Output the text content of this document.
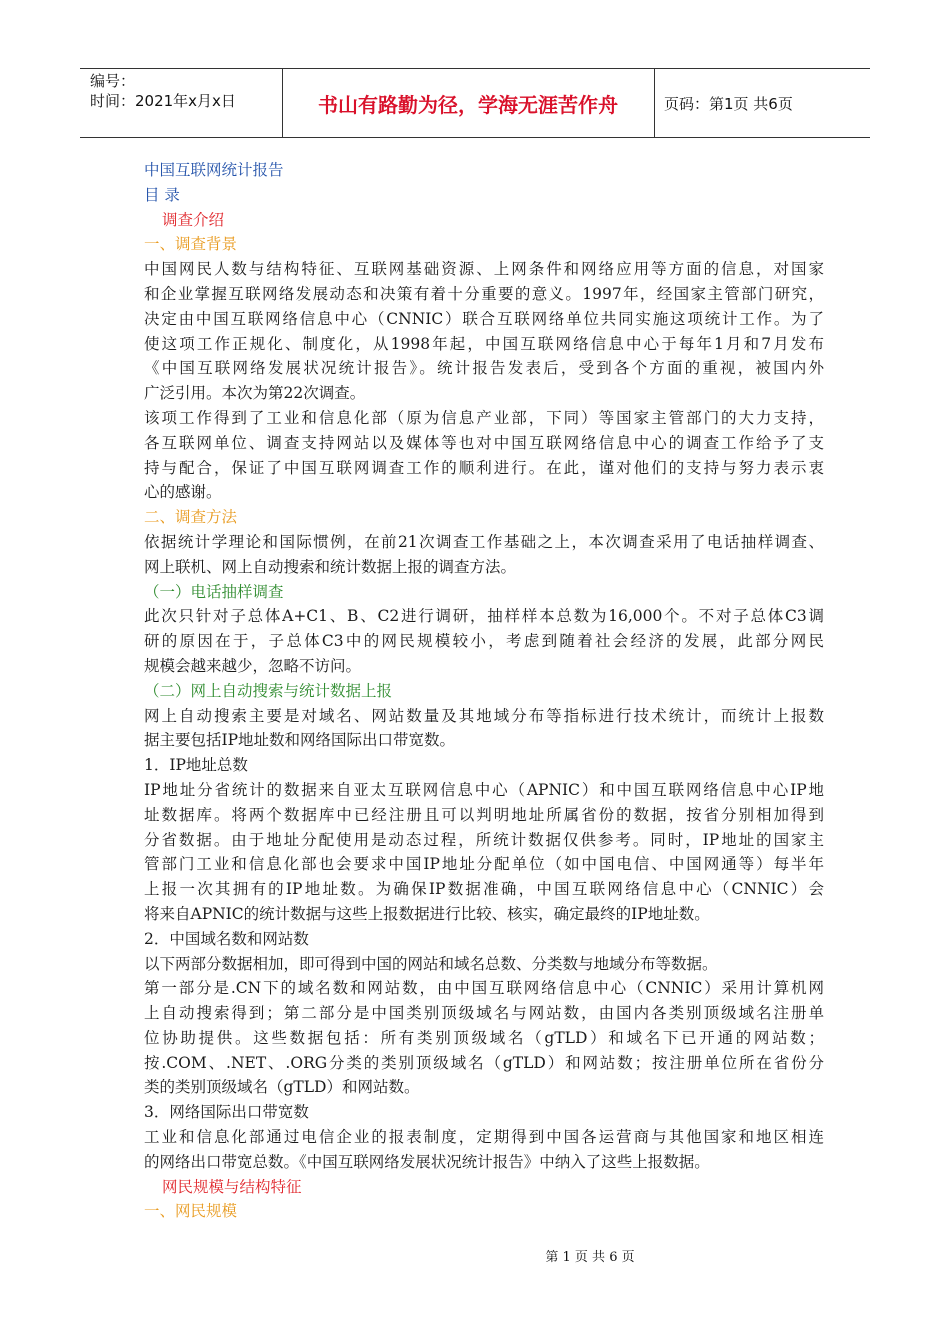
编号：
时间：2021年x月x日	书山有路勤为径，学海无涯苦作舟	页码：第1页 共6页
中国互联网统计报告
目 录
调查介绍
一、调查背景
中国网民人数与结构特征、互联网基础资源、上网条件和网络应用等方面的信息，对国家
和企业掌握互联网络发展动态和决策有着十分重要的意义。1997年，经国家主管部门研究，
决定由中国互联网络信息中心（CNNIC）联合互联网络单位共同实施这项统计工作。为了
使这项工作正规化、制度化，从1998年起，中国互联网络信息中心于每年1月和7月发布
《中国互联网络发展状况统计报告》。统计报告发表后，受到各个方面的重视，被国内外
广泛引用。本次为第22次调查。
该项工作得到了工业和信息化部（原为信息产业部，下同）等国家主管部门的大力支持，
各互联网单位、调查支持网站以及媒体等也对中国互联网络信息中心的调查工作给予了支
持与配合，保证了中国互联网调查工作的顺利进行。在此，谨对他们的支持与努力表示衷
心的感谢。
二、调查方法
依据统计学理论和国际惯例，在前21次调查工作基础之上，本次调查采用了电话抽样调查、
网上联机、网上自动搜索和统计数据上报的调查方法。
（一）电话抽样调查
此次只针对子总体A+C1、B、C2进行调研，抽样样本总数为16,000个。不对子总体C3调
研的原因在于，子总体C3中的网民规模较小，考虑到随着社会经济的发展，此部分网民
规模会越来越少，忽略不访问。
（二）网上自动搜索与统计数据上报
网上自动搜索主要是对域名、网站数量及其地域分布等指标进行技术统计，而统计上报数
据主要包括IP地址数和网络国际出口带宽数。
1．IP地址总数
IP地址分省统计的数据来自亚太互联网信息中心（APNIC）和中国互联网络信息中心IP地
址数据库。将两个数据库中已经注册且可以判明地址所属省份的数据，按省分别相加得到
分省数据。由于地址分配使用是动态过程，所统计数据仅供参考。同时，IP地址的国家主
管部门工业和信息化部也会要求中国IP地址分配单位（如中国电信、中国网通等）每半年
上报一次其拥有的IP地址数。为确保IP数据准确，中国互联网络信息中心（CNNIC）会
将来自APNIC的统计数据与这些上报数据进行比较、核实，确定最终的IP地址数。
2．中国域名数和网站数
以下两部分数据相加，即可得到中国的网站和域名总数、分类数与地域分布等数据。
第一部分是.CN下的域名数和网站数，由中国互联网络信息中心（CNNIC）采用计算机网
上自动搜索得到；第二部分是中国类别顶级域名与网站数，由国内各类别顶级域名注册单
位协助提供。这些数据包括：所有类别顶级域名（gTLD）和域名下已开通的网站数；
按.COM、.NET、.ORG分类的类别顶级域名（gTLD）和网站数；按注册单位所在省份分
类的类别顶级域名（gTLD）和网站数。
3．网络国际出口带宽数
工业和信息化部通过电信企业的报表制度，定期得到中国各运营商与其他国家和地区相连
的网络出口带宽总数。《中国互联网络发展状况统计报告》中纳入了这些上报数据。
网民规模与结构特征
一、网民规模
第 1 页 共 6 页
